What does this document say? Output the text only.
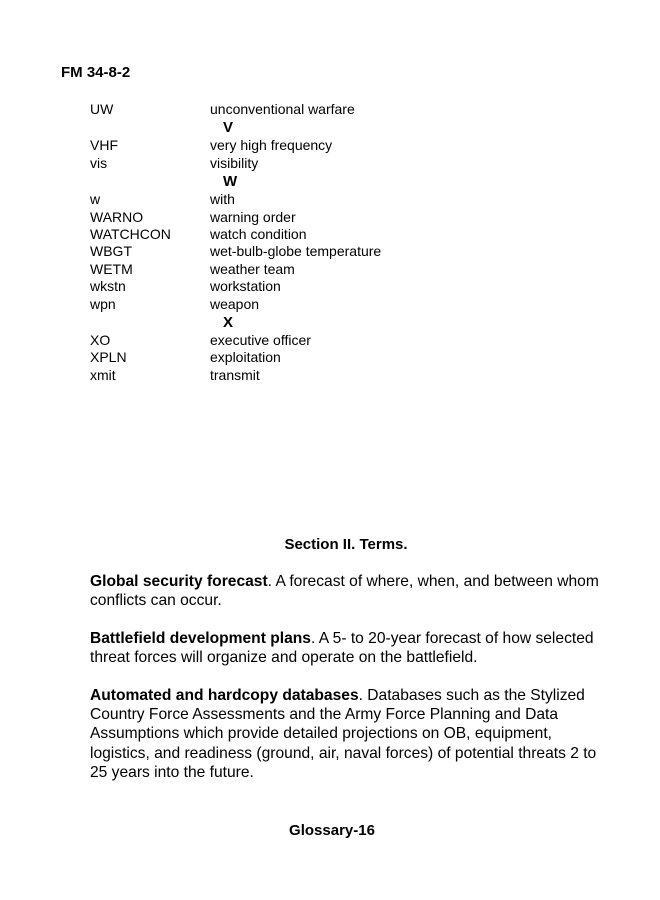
FM 34-8-2
UW	unconventional warfare
V
VHF	very high frequency
vis	visibility
W
w	with
WARNO	warning order
WATCHCON	watch condition
WBGT	wet-bulb-globe temperature
WETM	weather team
wkstn	workstation
wpn	weapon
X
XO	executive officer
XPLN	exploitation
xmit	transmit
Section II. Terms.

Global security forecast. A forecast of where, when, and between whom conflicts can occur.

Battlefield development plans. A 5- to 20-year forecast of how selected threat forces will organize and operate on the battlefield.

Automated and hardcopy databases. Databases such as the Stylized Country Force Assessments and the Army Force Planning and Data Assumptions which provide detailed projections on OB, equipment, logistics, and readiness (ground, air, naval forces) of potential threats 2 to 25 years into the future.

Glossary-16
